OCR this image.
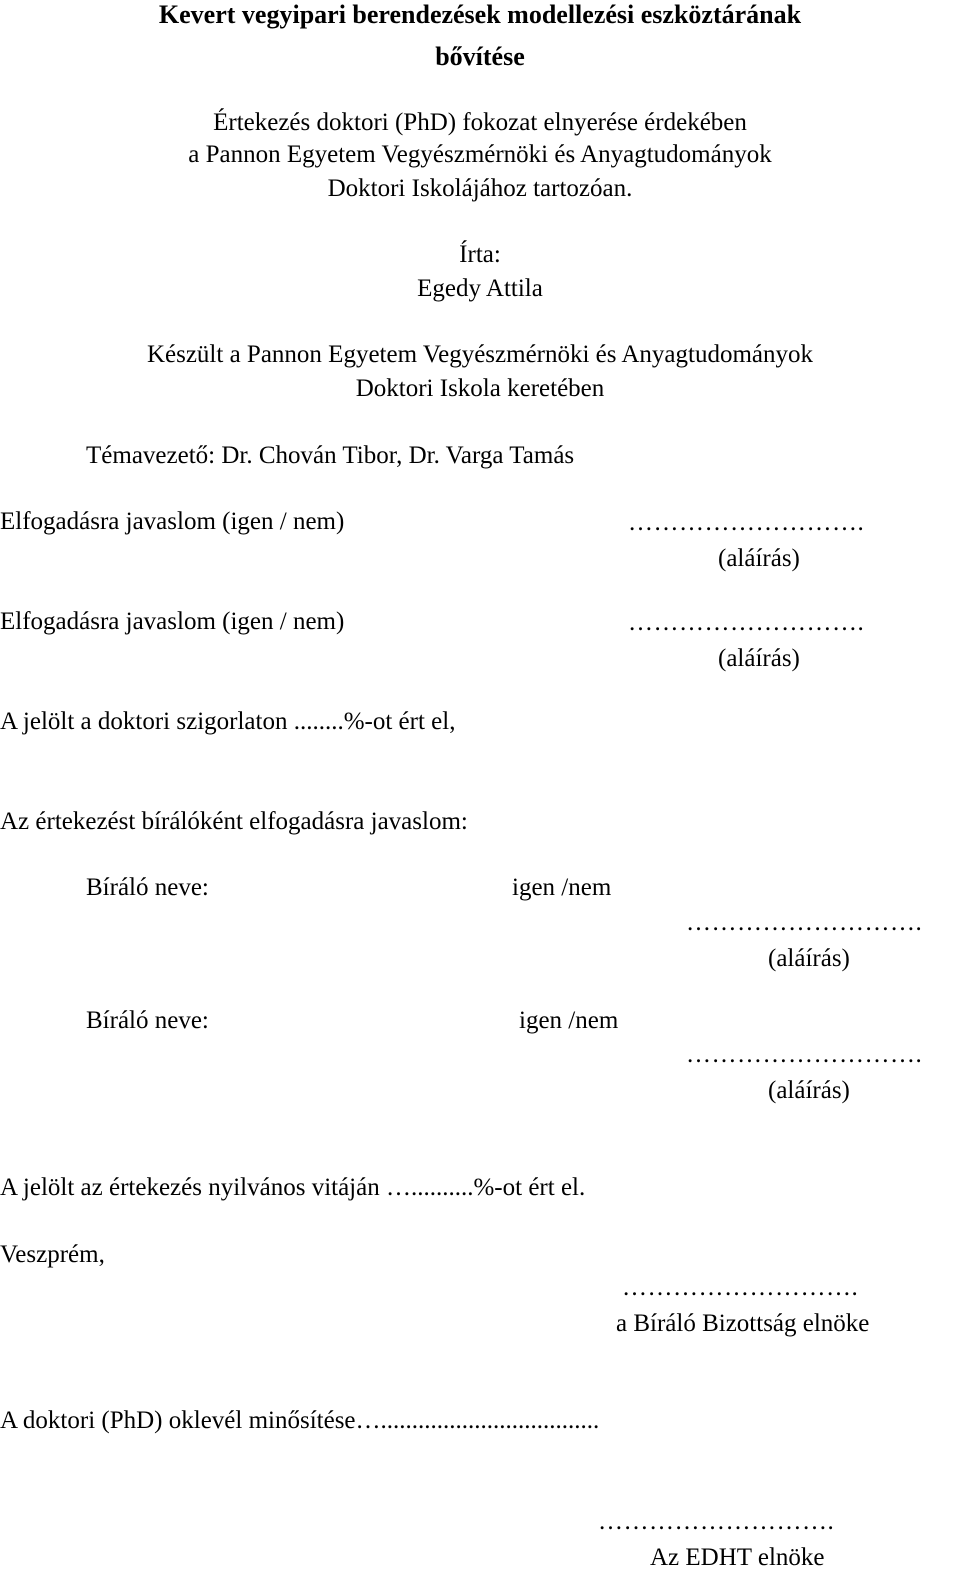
Kevert vegyipari berendezések modellezési eszköztárának
bővítése
Értekezés doktori (PhD) fokozat elnyerése érdekében
a Pannon Egyetem Vegyészmérnöki és Anyagtudományok
Doktori Iskolájához tartozóan.
Írta:
Egedy Attila
Készült a Pannon Egyetem Vegyészmérnöki és Anyagtudományok
Doktori Iskola keretében
Témavezető: Dr. Chován Tibor, Dr. Varga Tamás
Elfogadásra javaslom (igen / nem)	……………………….
(aláírás)
Elfogadásra javaslom (igen / nem)	……………………….
(aláírás)
A jelölt a doktori szigorlaton ........%-ot ért el,
Az értekezést bírálóként elfogadásra javaslom:
Bíráló neve:	igen /nem
……………………….
(aláírás)
Bíráló neve:	igen /nem
……………………….
(aláírás)
A jelölt az értekezés nyilvános vitáján …..........%-ot ért el.
Veszprém,
……………………….
a Bíráló Bizottság elnöke
A doktori (PhD) oklevél minősítése…...................................
……………………….
Az EDHT elnöke
